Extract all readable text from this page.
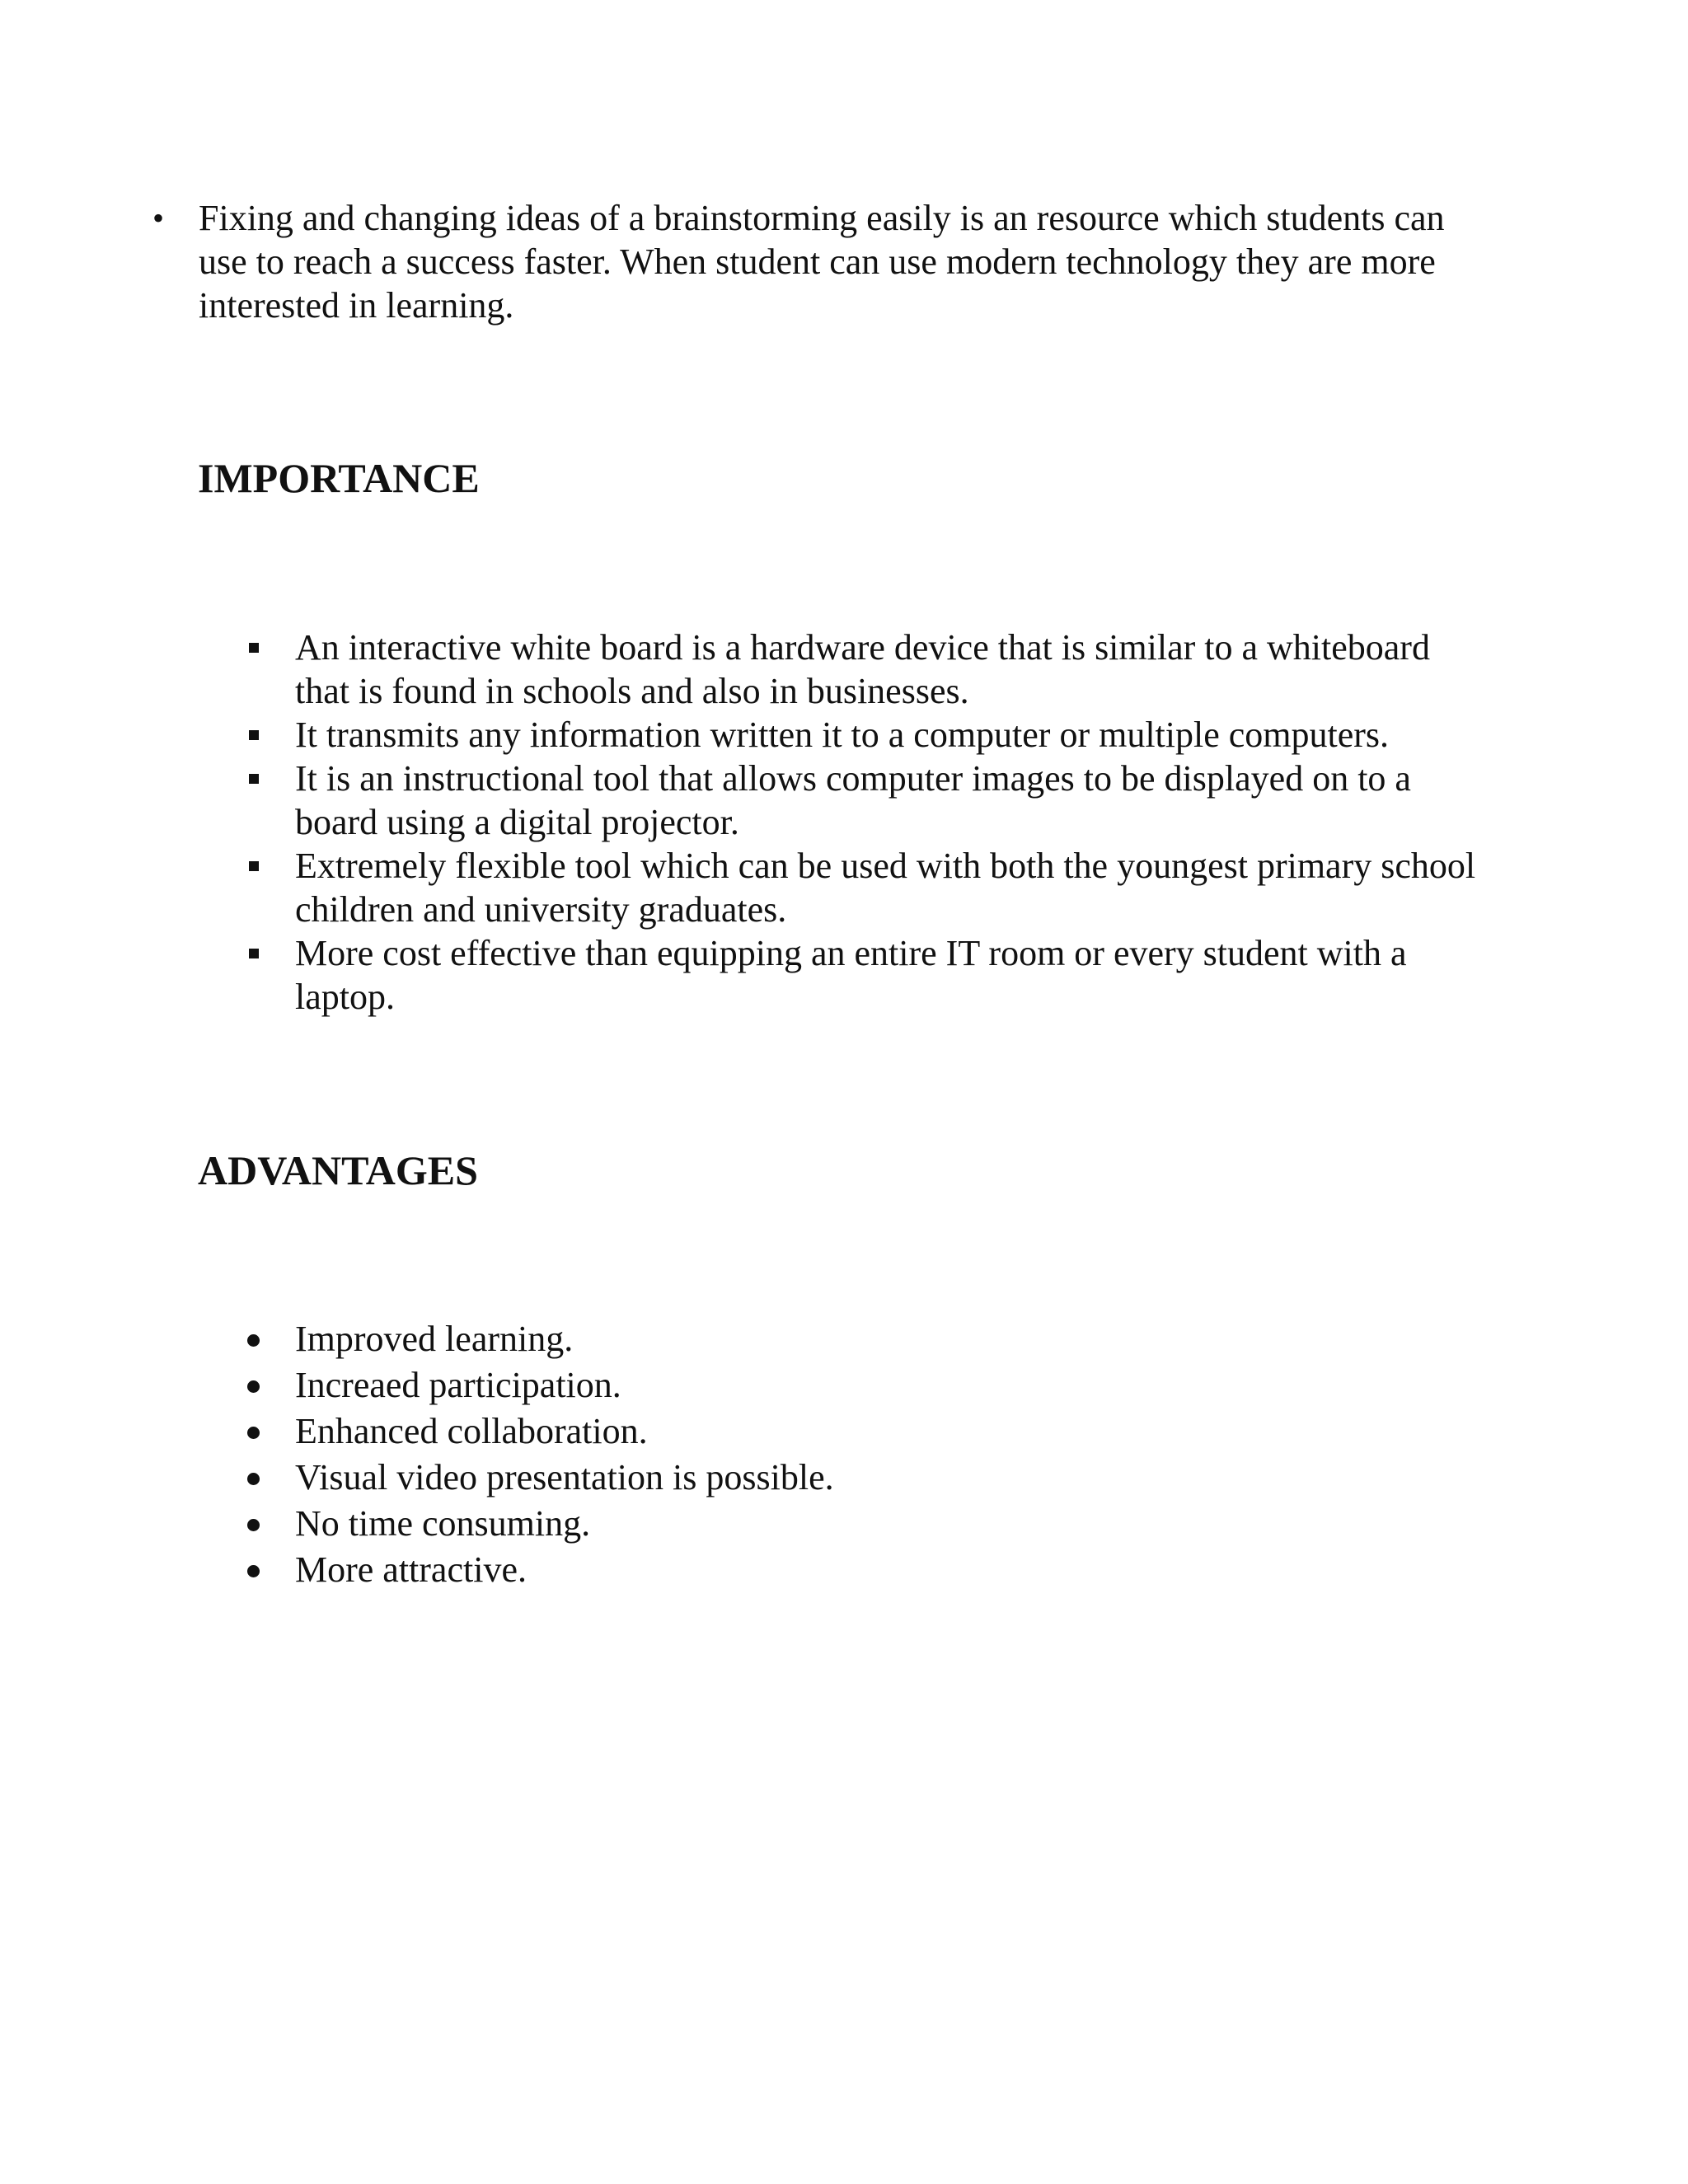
• Fixing and changing ideas of a brainstorming easily is an resource which students can use to reach a success faster. When student can use modern technology they are more interested in learning.
IMPORTANCE
An interactive white board is a hardware device that is similar to a whiteboard that is found in schools and also in businesses.
It transmits any information written it to a computer or multiple computers.
It is an instructional tool that allows computer images to be displayed on to a board using a digital projector.
Extremely flexible tool which can be used with both the youngest primary school children and university graduates.
More cost effective than equipping an entire IT room or every student with a laptop.
ADVANTAGES
Improved learning.
Increaed participation.
Enhanced collaboration.
Visual video presentation is possible.
No time consuming.
More attractive.
